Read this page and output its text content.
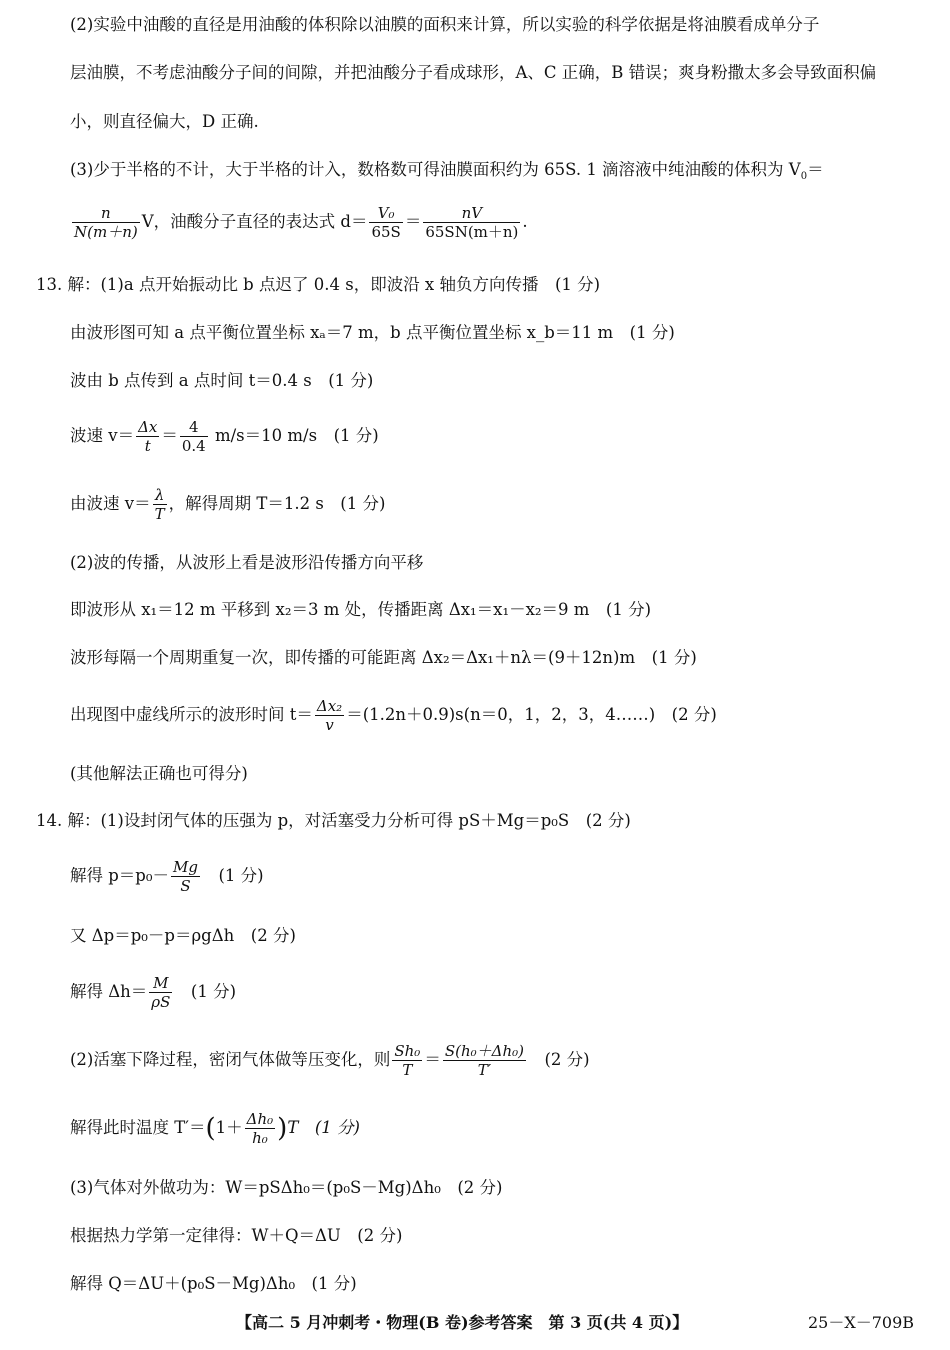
(2)实验中油酸的直径是用油酸的体积除以油膜的面积来计算，所以实验的科学依据是将油膜看成单分子
层油膜，不考虑油酸分子间的间隙，并把油酸分子看成球形，A、C 正确，B 错误；爽身粉撒太多会导致面积偏
小，则直径偏大，D 正确.
(3)少于半格的不计，大于半格的计入，数格数可得油膜面积约为 65S. 1 滴溶液中纯油酸的体积为 $V_0=$
$\frac{n}{N(m+n)}$ V，油酸分子直径的表达式 $d= \frac{\text{V₀}}{65S} = \frac{nV}{65SN(m+n)}$ .
13. 解：(1)a 点开始振动比 b 点迟了 0.4 s，即波沿 x 轴负方向传播　(1 分)
由波形图可知 a 点平衡位置坐标 xₐ＝7 m，b 点平衡位置坐标 x_b＝11 m　(1 分)
波由 b 点传到 a 点时间 t＝0.4 s　(1 分)
波速 $v= \frac{\Delta x}{t} = \frac{4}{0.4} m/s=10$ m/s　(1 分)
由波速 $v= \frac{\lambda}{T}$ ，解得周期 T＝1.2 s　(1 分)
(2)波的传播，从波形上看是波形沿传播方向平移
即波形从 x₁＝12 m 平移到 x₂＝3 m 处，传播距离 Δx₁＝x₁－x₂＝9 m　(1 分)
波形每隔一个周期重复一次，即传播的可能距离 Δx₂＝Δx₁＋nλ＝(9＋12n)m　(1 分)
出现图中虚线所示的波形时间 $t= \frac{\text{Δx₂}}{v} =(1.2n+0.9)s(n=0$，1，2，3，4……)　(2 分)
(其他解法正确也可得分)
14. 解：(1)设封闭气体的压强为 p，对活塞受力分析可得 pS＋Mg＝p₀S　(2 分)
解得 $p=p_0- \frac{Mg}{S}$ 　(1 分)
又 Δp＝p₀－p＝ρgΔh　(2 分)
解得 $\Delta h= \frac{M}{\rho S}$ 　(1 分)
(2)活塞下降过程，密闭气体做等压变化，则 $\frac{\text{Sh₀}}{T} = \frac{\text{S(h₀＋Δh₀)}}{T'}$ 　(2 分)
解得此时温度 $T'=(1+ \frac{\text{Δh₀}}{\text{h₀}} )T$　(1 分)
(3)气体对外做功为：W＝pSΔh₀＝(p₀S－Mg)Δh₀　(2 分)
根据热力学第一定律得：W＋Q＝ΔU　(2 分)
解得 Q＝ΔU＋(p₀S－Mg)Δh₀　(1 分)
【高二 5 月冲刺考・物理(B 卷)参考答案　第 3 页(共 4 页)】	25－X－709B
